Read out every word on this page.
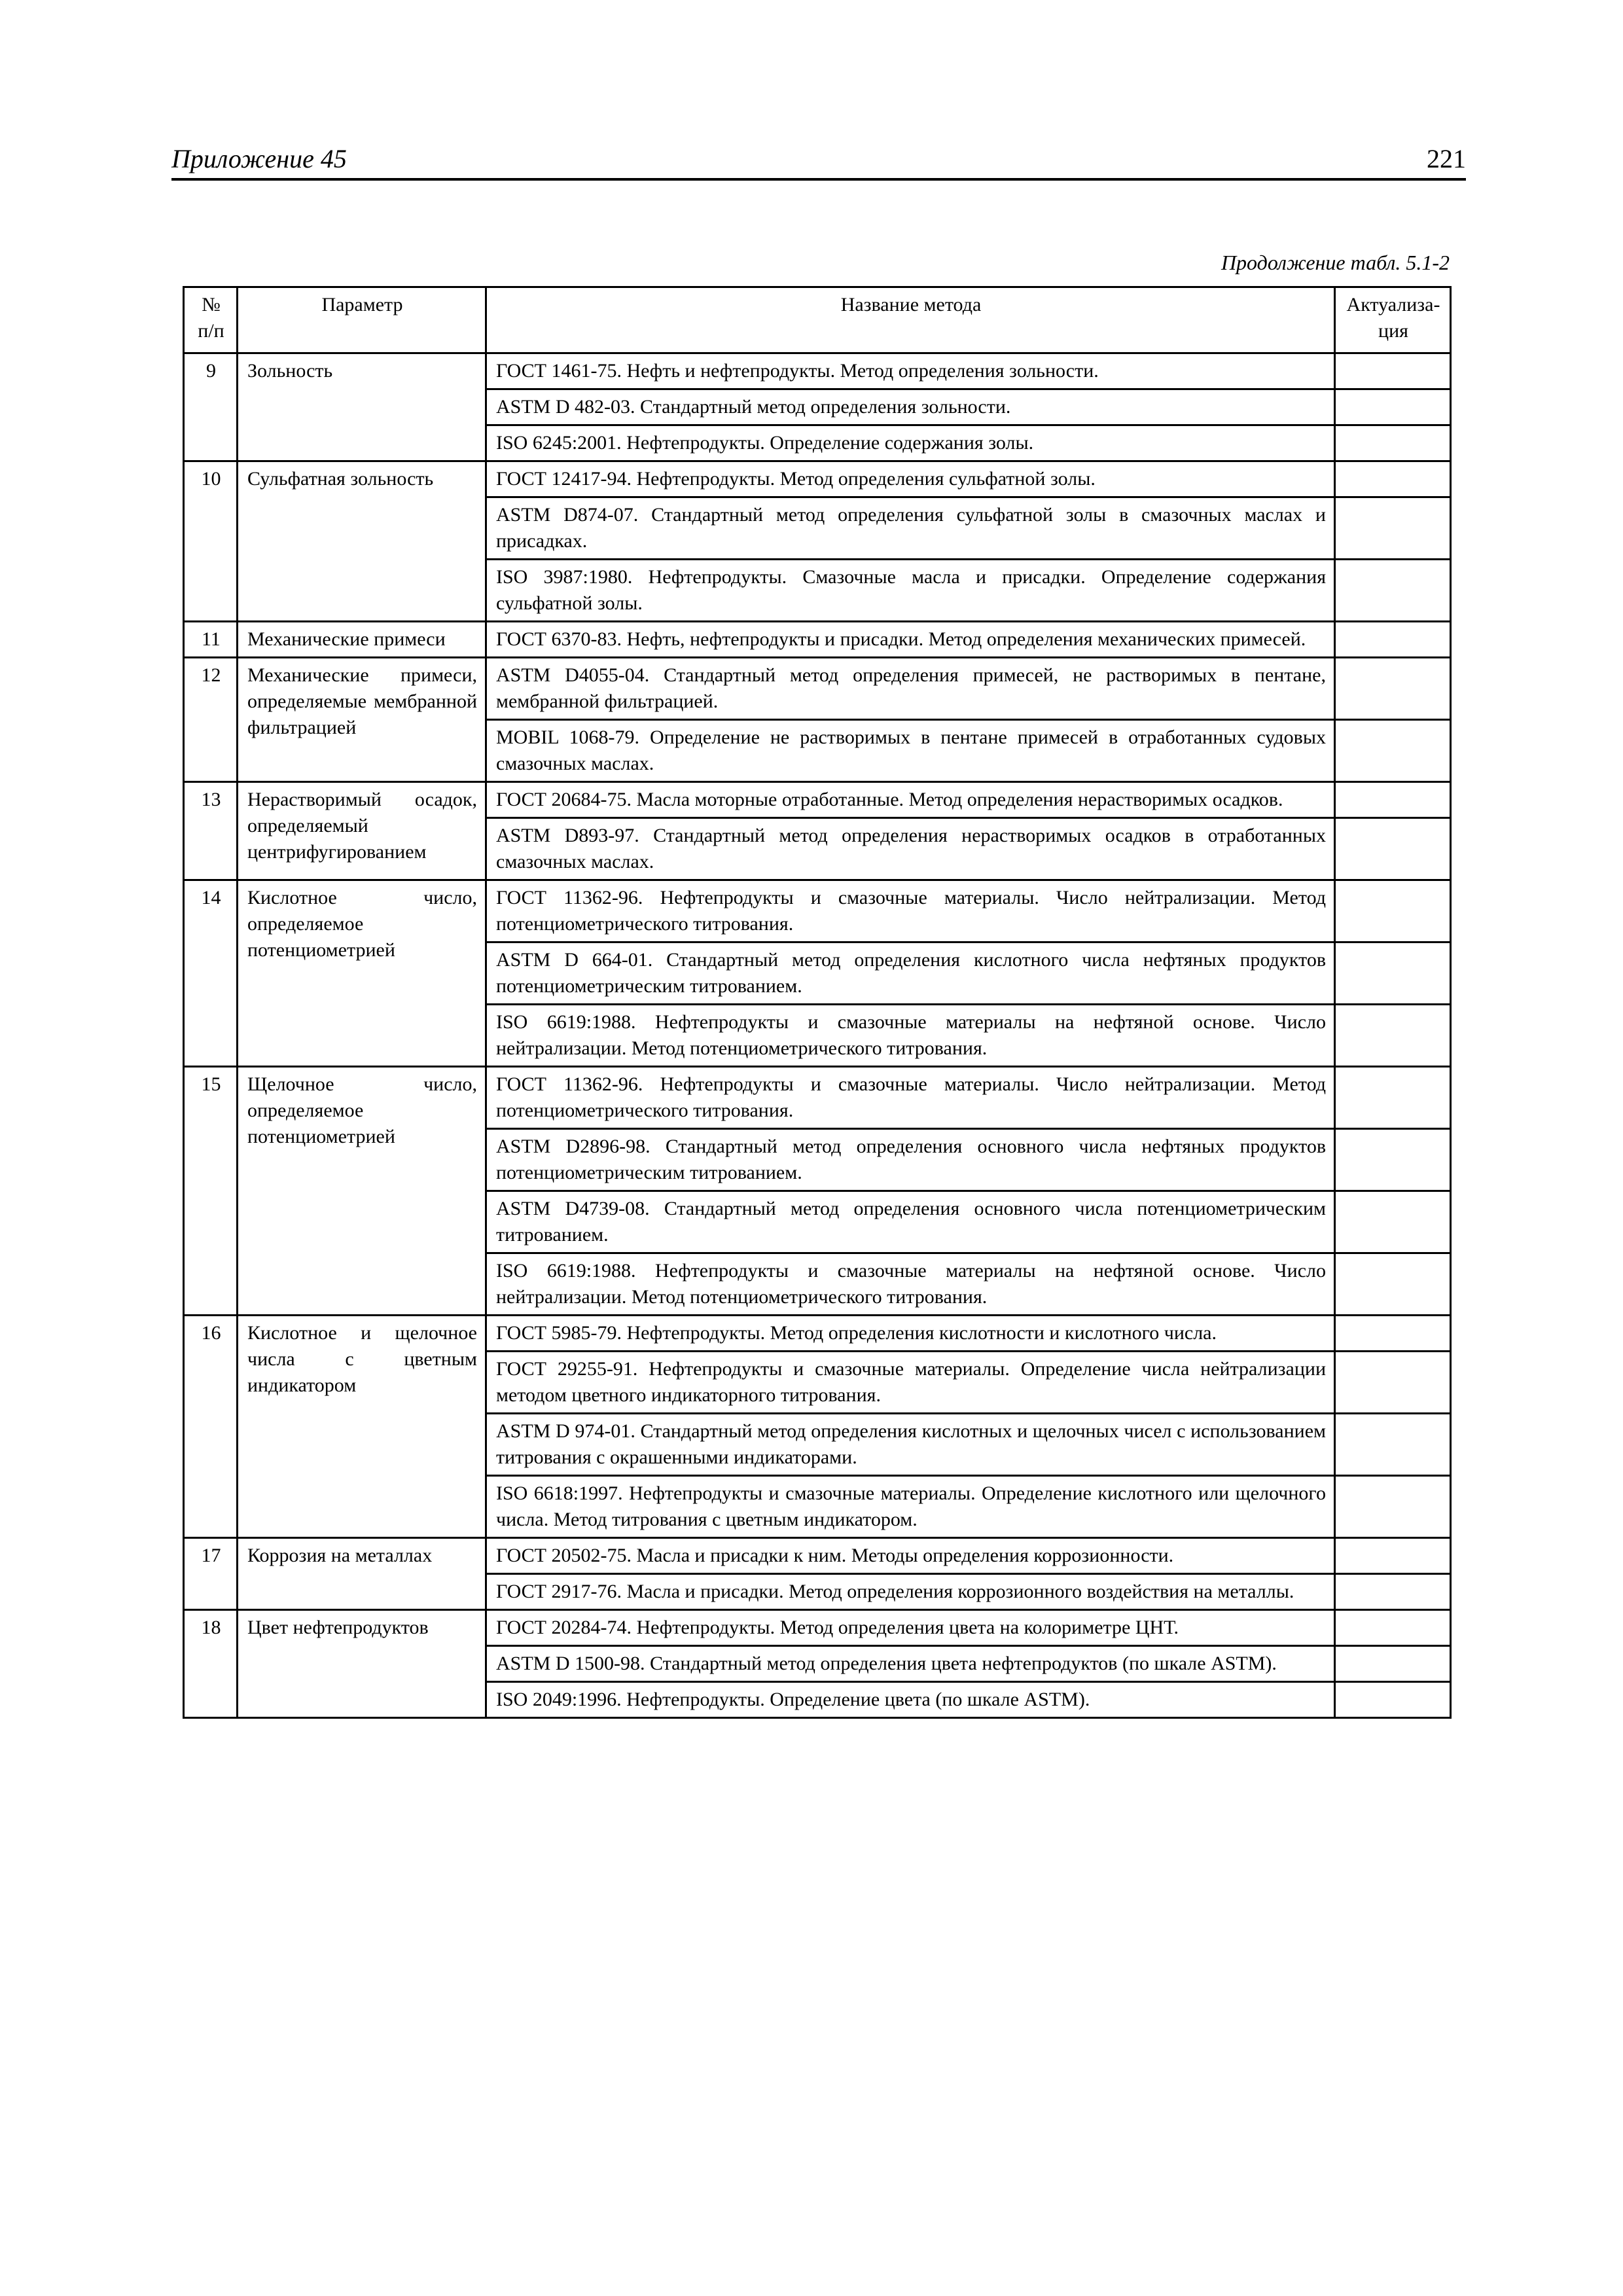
Приложение 45	221
Продолжение табл. 5.1-2
№ п/п	Параметр	Название метода	Актуализа-ция
9	Зольность	ГОСТ 1461-75. Нефть и нефтепродукты. Метод определения зольности.	
		ASTM D 482-03. Стандартный метод определения зольности.	
		ISO 6245:2001. Нефтепродукты. Определение содержания золы.	
10	Сульфатная зольность	ГОСТ 12417-94. Нефтепродукты. Метод определения сульфатной золы.	
		ASTM D874-07. Стандартный метод определения сульфатной золы в смазочных маслах и присадках.	
		ISO 3987:1980. Нефтепродукты. Смазочные масла и присадки. Определение содержания сульфатной золы.	
11	Механические примеси	ГОСТ 6370-83. Нефть, нефтепродукты и присадки. Метод определения механических примесей.	
12	Механические примеси, определяемые мембранной фильтрацией	ASTM D4055-04. Стандартный метод определения примесей, не растворимых в пентане, мембранной фильтрацией.	
		MOBIL 1068-79. Определение не растворимых в пентане примесей в отработанных судовых смазочных маслах.	
13	Нерастворимый осадок, определяемый центрифугированием	ГОСТ 20684-75. Масла моторные отработанные. Метод определения нерастворимых осадков.	
		ASTM D893-97. Стандартный метод определения нерастворимых осадков в отработанных смазочных маслах.	
14	Кислотное число, определяемое потенциометрией	ГОСТ 11362-96. Нефтепродукты и смазочные материалы. Число нейтрализации. Метод потенциометрического титрования.	
		ASTM D 664-01. Стандартный метод определения кислотного числа нефтяных продуктов потенциометрическим титрованием.	
		ISO 6619:1988. Нефтепродукты и смазочные материалы на нефтяной основе. Число нейтрализации. Метод потенциометрического титрования.	
15	Щелочное число, определяемое потенциометрией	ГОСТ 11362-96. Нефтепродукты и смазочные материалы. Число нейтрализации. Метод потенциометрического титрования.	
		ASTM D2896-98. Стандартный метод определения основного числа нефтяных продуктов потенциометрическим титрованием.	
		ASTM D4739-08. Стандартный метод определения основного числа потенциометрическим титрованием.	
		ISO 6619:1988. Нефтепродукты и смазочные материалы на нефтяной основе. Число нейтрализации. Метод потенциометрического титрования.	
16	Кислотное и щелочное числа с цветным индикатором	ГОСТ 5985-79. Нефтепродукты. Метод определения кислотности и кислотного числа.	
		ГОСТ 29255-91. Нефтепродукты и смазочные материалы. Определение числа нейтрализации методом цветного индикаторного титрования.	
		ASTM D 974-01. Стандартный метод определения кислотных и щелочных чисел с использованием титрования с окрашенными индикаторами.	
		ISO 6618:1997. Нефтепродукты и смазочные материалы. Определение кислотного или щелочного числа. Метод титрования с цветным индикатором.	
17	Коррозия на металлах	ГОСТ 20502-75. Масла и присадки к ним. Методы определения коррозионности.	
		ГОСТ 2917-76. Масла и присадки. Метод определения коррозионного воздействия на металлы.	
18	Цвет нефтепродуктов	ГОСТ 20284-74. Нефтепродукты. Метод определения цвета на колориметре ЦНТ.	
		ASTM D 1500-98. Стандартный метод определения цвета нефтепродуктов (по шкале ASTM).	
		ISO 2049:1996. Нефтепродукты. Определение цвета (по шкале ASTM).	
